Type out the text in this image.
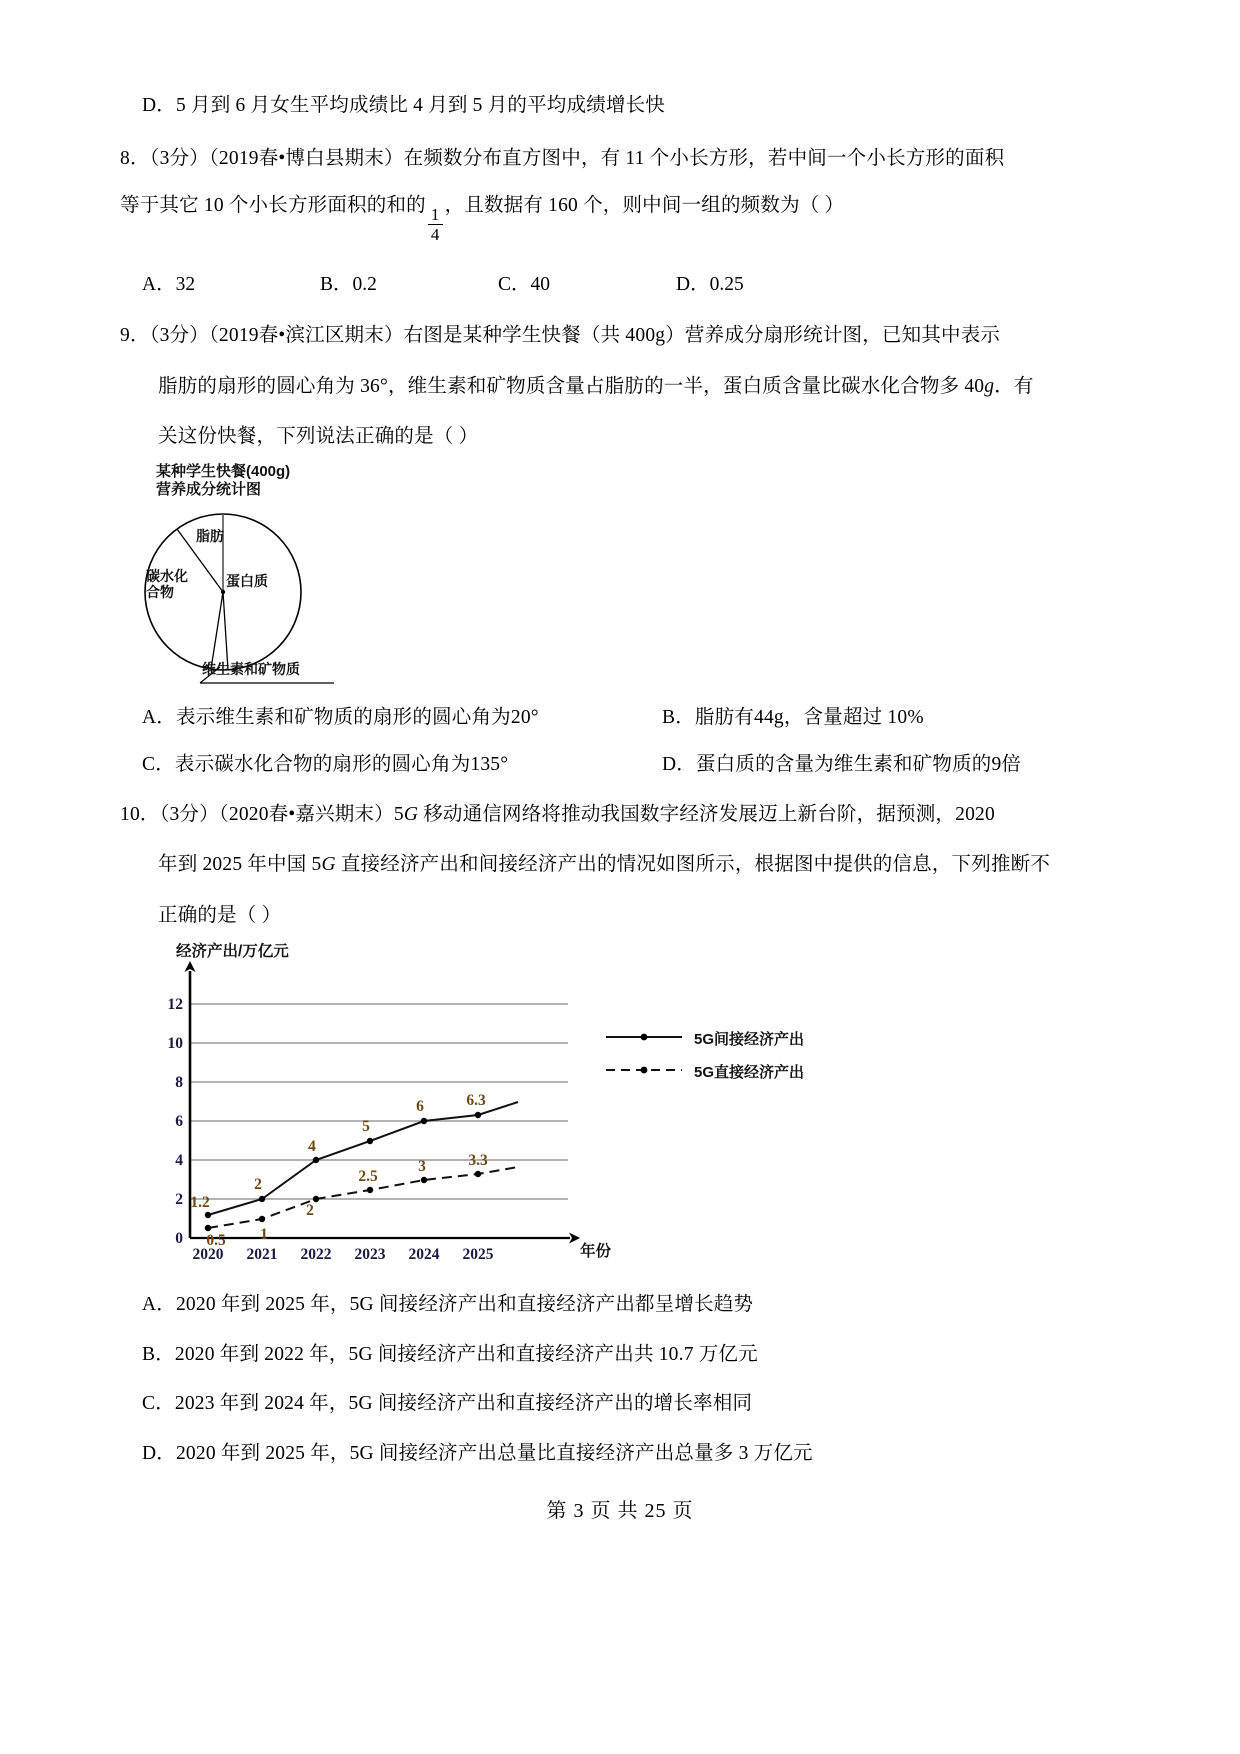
D．5 月到 6 月女生平均成绩比 4 月到 5 月的平均成绩增长快
8．（3分）（2019春•博白县期末）在频数分布直方图中，有 11 个小长方形，若中间一个小长方形的面积
等于其它 10 个小长方形面积的和的
$\frac{1}{4}$
，且数据有 160 个，则中间一组的频数为（ ）
A．32	B．0.2	C．40	D．0.25
9．（3分）（2019春•滨江区期末）右图是某种学生快餐（共 400g）营养成分扇形统计图，已知其中表示
脂肪的扇形的圆心角为 36°，维生素和矿物质含量占脂肪的一半，蛋白质含量比碳水化合物多 40g．有
关这份快餐，下列说法正确的是（ ）
某种学生快餐(400g)
营养成分统计图
脂肪
蛋白质
碳水化
合物
维生素和矿物质
A．表示维生素和矿物质的扇形的圆心角为20°	B．脂肪有44g，含量超过 10%
C．表示碳水化合物的扇形的圆心角为135°	D．蛋白质的含量为维生素和矿物质的9倍
10．（3分）（2020春•嘉兴期末）5G 移动通信网络将推动我国数字经济发展迈上新台阶，据预测，2020
年到 2025 年中国 5G 直接经济产出和间接经济产出的情况如图所示，根据图中提供的信息，下列推断不
正确的是（ ）
经济产出/万亿元
12
10
8
6
4
2
0
2020 2021 2022 2023 2024 2025
1.2
2
4
5
6	6.3
0.5 1
2
2.5
3	3.3
5G间接经济产出
5G直接经济产出
年份
A．2020 年到 2025 年，5G 间接经济产出和直接经济产出都呈增长趋势
B．2020 年到 2022 年，5G 间接经济产出和直接经济产出共 10.7 万亿元
C．2023 年到 2024 年，5G 间接经济产出和直接经济产出的增长率相同
D．2020 年到 2025 年，5G 间接经济产出总量比直接经济产出总量多 3 万亿元
第 3 页 共 25 页
